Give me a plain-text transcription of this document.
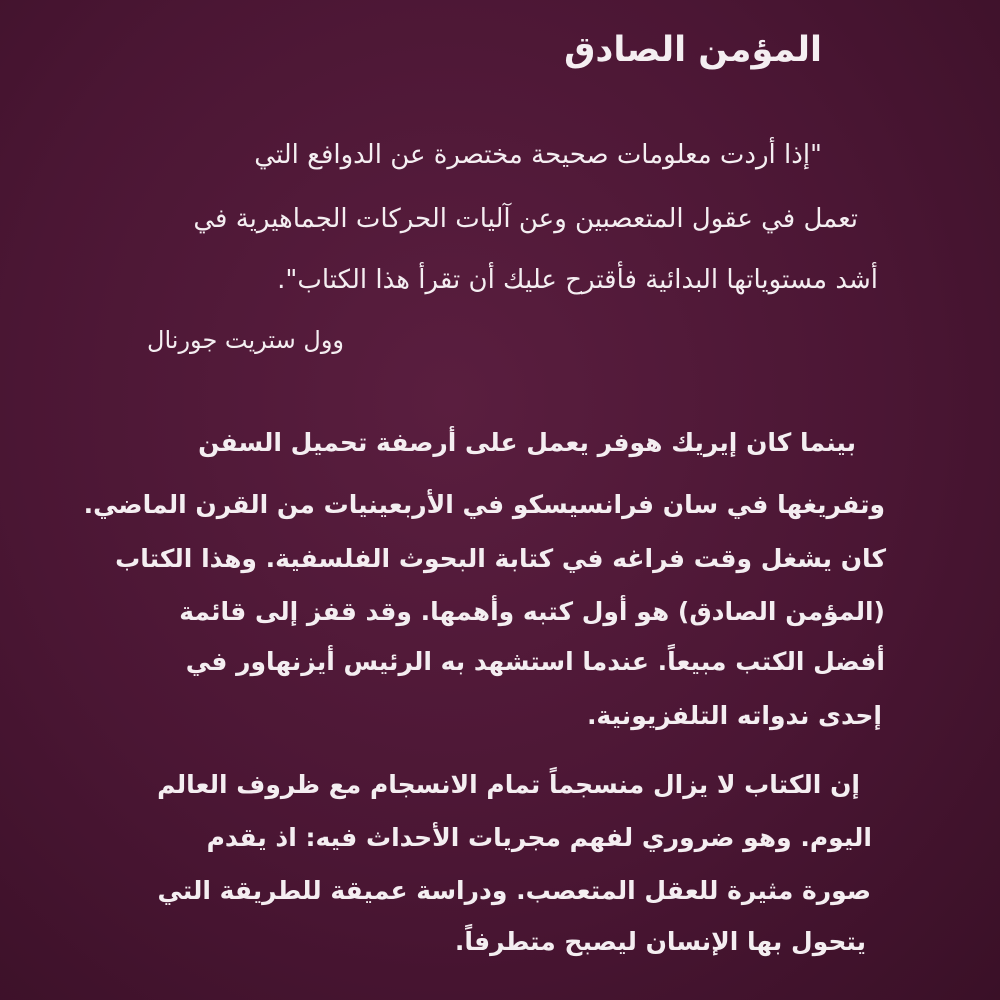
المؤمن الصادق
"إذا أردت معلومات صحيحة مختصرة عن الدوافع التي
تعمل في عقول المتعصبين وعن آليات الحركات الجماهيرية في
أشد مستوياتها البدائية فأقترح عليك أن تقرأ هذا الكتاب".
وول ستريت جورنال
بينما كان إيريك هوفر يعمل على أرصفة تحميل السفن
وتفريغها في سان فرانسيسكو في الأربعينيات من القرن الماضي.
كان يشغل وقت فراغه في كتابة البحوث الفلسفية. وهذا الكتاب
(المؤمن الصادق) هو أول كتبه وأهمها. وقد قفز إلى قائمة
أفضل الكتب مبيعاً. عندما استشهد به الرئيس أيزنهاور في
إحدى ندواته التلفزيونية.
إن الكتاب لا يزال منسجماً تمام الانسجام مع ظروف العالم
اليوم. وهو ضروري لفهم مجريات الأحداث فيه: اذ يقدم
صورة مثيرة للعقل المتعصب. ودراسة عميقة للطريقة التي
يتحول بها الإنسان ليصبح متطرفاً.
